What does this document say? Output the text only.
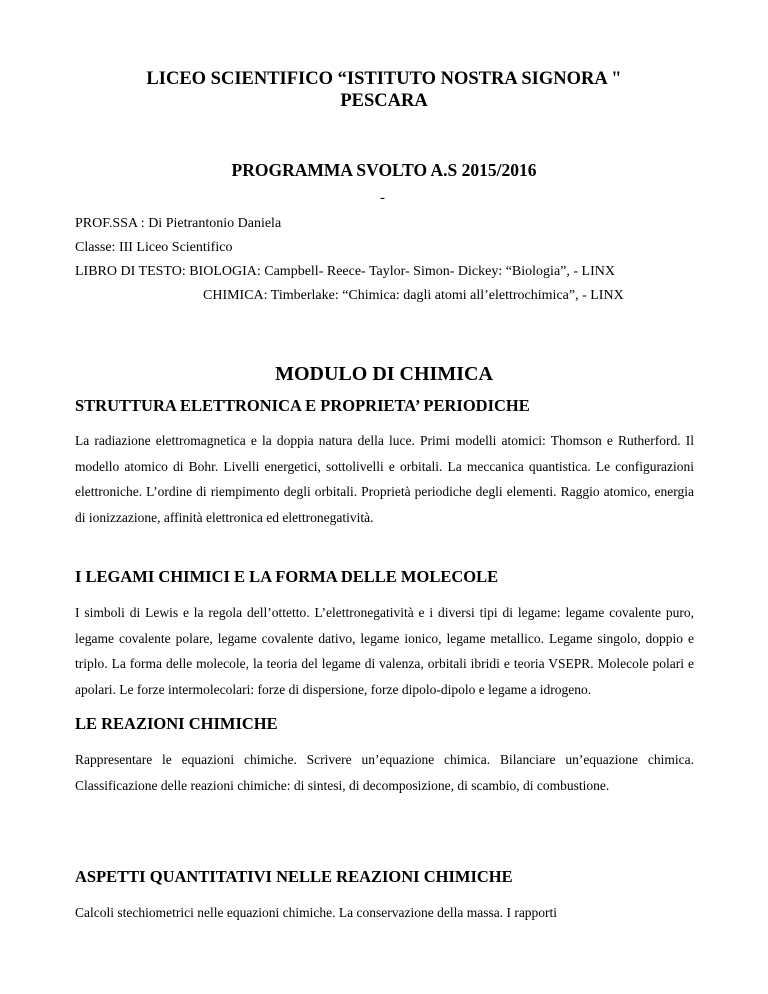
LICEO SCIENTIFICO “ISTITUTO NOSTRA SIGNORA "
PESCARA
PROGRAMMA SVOLTO A.S 2015/2016
-
PROF.SSA : Di Pietrantonio Daniela
Classe: III Liceo Scientifico
LIBRO DI TESTO: BIOLOGIA: Campbell- Reece- Taylor- Simon- Dickey: “Biologia”, - LINX
CHIMICA: Timberlake: “Chimica: dagli atomi all’elettrochimica”, - LINX
MODULO DI CHIMICA
STRUTTURA ELETTRONICA E PROPRIETA’ PERIODICHE
La radiazione elettromagnetica e la doppia natura della luce. Primi modelli atomici: Thomson e Rutherford. Il modello atomico di Bohr. Livelli energetici, sottolivelli e orbitali. La meccanica quantistica. Le configurazioni elettroniche. L’ordine di riempimento degli orbitali. Proprietà periodiche degli elementi. Raggio atomico, energia di ionizzazione, affinità elettronica ed elettronegatività.
I LEGAMI CHIMICI E LA FORMA DELLE MOLECOLE
I simboli di Lewis e la regola dell’ottetto. L’elettronegatività e i diversi tipi di legame: legame covalente puro, legame covalente polare, legame covalente dativo, legame ionico, legame metallico. Legame singolo, doppio e triplo. La forma delle molecole, la teoria del legame di valenza, orbitali ibridi e teoria VSEPR. Molecole polari e apolari. Le forze intermolecolari: forze di dispersione, forze dipolo-dipolo e legame a idrogeno.
LE REAZIONI CHIMICHE
Rappresentare le equazioni chimiche. Scrivere un’equazione chimica. Bilanciare un’equazione chimica. Classificazione delle reazioni chimiche: di sintesi, di decomposizione, di scambio, di combustione.
ASPETTI QUANTITATIVI NELLE REAZIONI CHIMICHE
Calcoli stechiometrici nelle equazioni chimiche. La conservazione della massa. I rapporti
